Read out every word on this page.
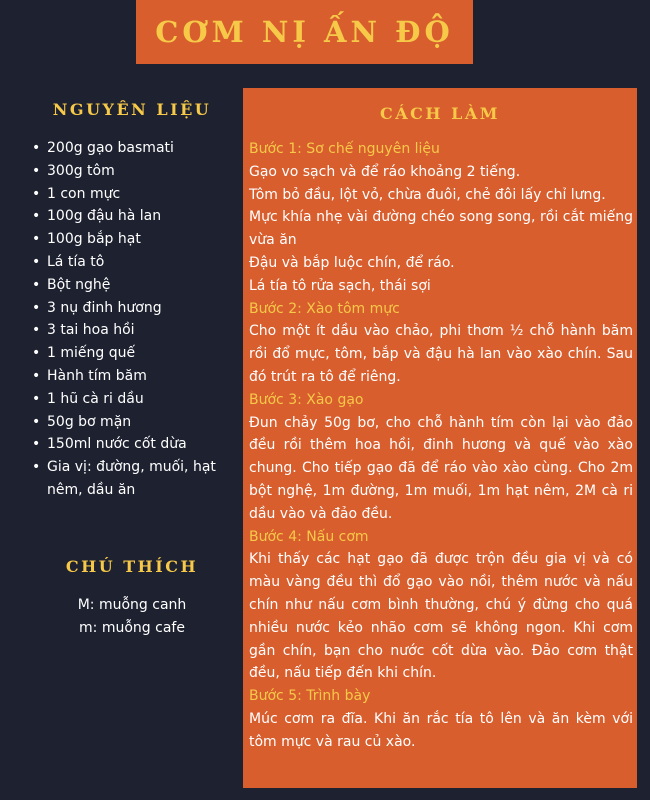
CƠM NỊ ẤN ĐỘ
NGUYÊN LIỆU
• 200g gạo basmati
• 300g tôm
• 1 con mực
• 100g đậu hà lan
• 100g bắp hạt
• Lá tía tô
• Bột nghệ
• 3 nụ đinh hương
• 3 tai hoa hồi
• 1 miếng quế
• Hành tím băm
• 1 hũ cà ri dầu
• 50g bơ mặn
• 150ml nước cốt dừa
• Gia vị: đường, muối, hạt nêm, dầu ăn
CHÚ THÍCH
M: muỗng canh
m: muỗng cafe
CÁCH LÀM
Bước 1: Sơ chế nguyên liệu

Gạo vo sạch và để ráo khoảng 2 tiếng.

Tôm bỏ đầu, lột vỏ, chừa đuôi, chẻ đôi lấy chỉ lưng.

Mực khía nhẹ vài đường chéo song song, rồi cắt miếng vừa ăn

Đậu và bắp luộc chín, để ráo.

Lá tía tô rửa sạch, thái sợi

Bước 2: Xào tôm mực

Cho một ít dầu vào chảo, phi thơm ½ chỗ hành băm rồi đổ mực, tôm, bắp và đậu hà lan vào xào chín. Sau đó trút ra tô để riêng.

Bước 3: Xào gạo

Đun chảy 50g bơ, cho chỗ hành tím còn lại vào đảo đều rồi thêm hoa hồi, đinh hương và quế vào xào chung. Cho tiếp gạo đã để ráo vào xào cùng. Cho 2m bột nghệ, 1m đường, 1m muối, 1m hạt nêm, 2M cà ri dầu vào và đảo đều.

Bước 4: Nấu cơm

Khi thấy các hạt gạo đã được trộn đều gia vị và có màu vàng đều thì đổ gạo vào nồi, thêm nước và nấu chín như nấu cơm bình thường, chú ý đừng cho quá nhiều nước kẻo nhão cơm sẽ không ngon. Khi cơm gần chín, bạn cho nước cốt dừa vào. Đảo cơm thật đều, nấu tiếp đến khi chín.

Bước 5: Trình bày

Múc cơm ra đĩa. Khi ăn rắc tía tô lên và ăn kèm với tôm mực và rau củ xào.
